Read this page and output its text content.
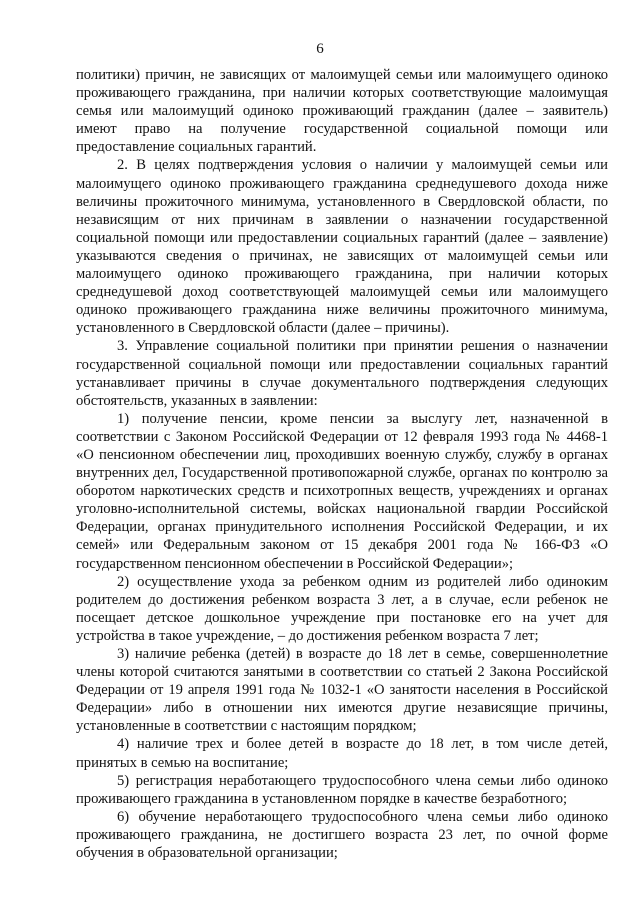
6

политики) причин, не зависящих от малоимущей семьи или малоимущего одиноко проживающего гражданина, при наличии которых соответствующие малоимущая семья или малоимущий одиноко проживающий гражданин (далее – заявитель) имеют право на получение государственной социальной помощи или предоставление социальных гарантий.

2. В целях подтверждения условия о наличии у малоимущей семьи или малоимущего одиноко проживающего гражданина среднедушевого дохода ниже величины прожиточного минимума, установленного в Свердловской области, по независящим от них причинам в заявлении о назначении государственной социальной помощи или предоставлении социальных гарантий (далее – заявление) указываются сведения о причинах, не зависящих от малоимущей семьи или малоимущего одиноко проживающего гражданина, при наличии которых среднедушевой доход соответствующей малоимущей семьи или малоимущего одиноко проживающего гражданина ниже величины прожиточного минимума, установленного в Свердловской области (далее – причины).

3. Управление социальной политики при принятии решения о назначении государственной социальной помощи или предоставлении социальных гарантий устанавливает причины в случае документального подтверждения следующих обстоятельств, указанных в заявлении:

1) получение пенсии, кроме пенсии за выслугу лет, назначенной в соответствии с Законом Российской Федерации от 12 февраля 1993 года № 4468-1 «О пенсионном обеспечении лиц, проходивших военную службу, службу в органах внутренних дел, Государственной противопожарной службе, органах по контролю за оборотом наркотических средств и психотропных веществ, учреждениях и органах уголовно-исполнительной системы, войсках национальной гвардии Российской Федерации, органах принудительного исполнения Российской Федерации, и их семей» или Федеральным законом от 15 декабря 2001 года № 166-ФЗ «О государственном пенсионном обеспечении в Российской Федерации»;

2) осуществление ухода за ребенком одним из родителей либо одиноким родителем до достижения ребенком возраста 3 лет, а в случае, если ребенок не посещает детское дошкольное учреждение при постановке его на учет для устройства в такое учреждение, – до достижения ребенком возраста 7 лет;

3) наличие ребенка (детей) в возрасте до 18 лет в семье, совершеннолетние члены которой считаются занятыми в соответствии со статьей 2 Закона Российской Федерации от 19 апреля 1991 года № 1032-1 «О занятости населения в Российской Федерации» либо в отношении них имеются другие независящие причины, установленные в соответствии с настоящим порядком;

4) наличие трех и более детей в возрасте до 18 лет, в том числе детей, принятых в семью на воспитание;

5) регистрация неработающего трудоспособного члена семьи либо одиноко проживающего гражданина в установленном порядке в качестве безработного;

6) обучение неработающего трудоспособного члена семьи либо одиноко проживающего гражданина, не достигшего возраста 23 лет, по очной форме обучения в образовательной организации;
